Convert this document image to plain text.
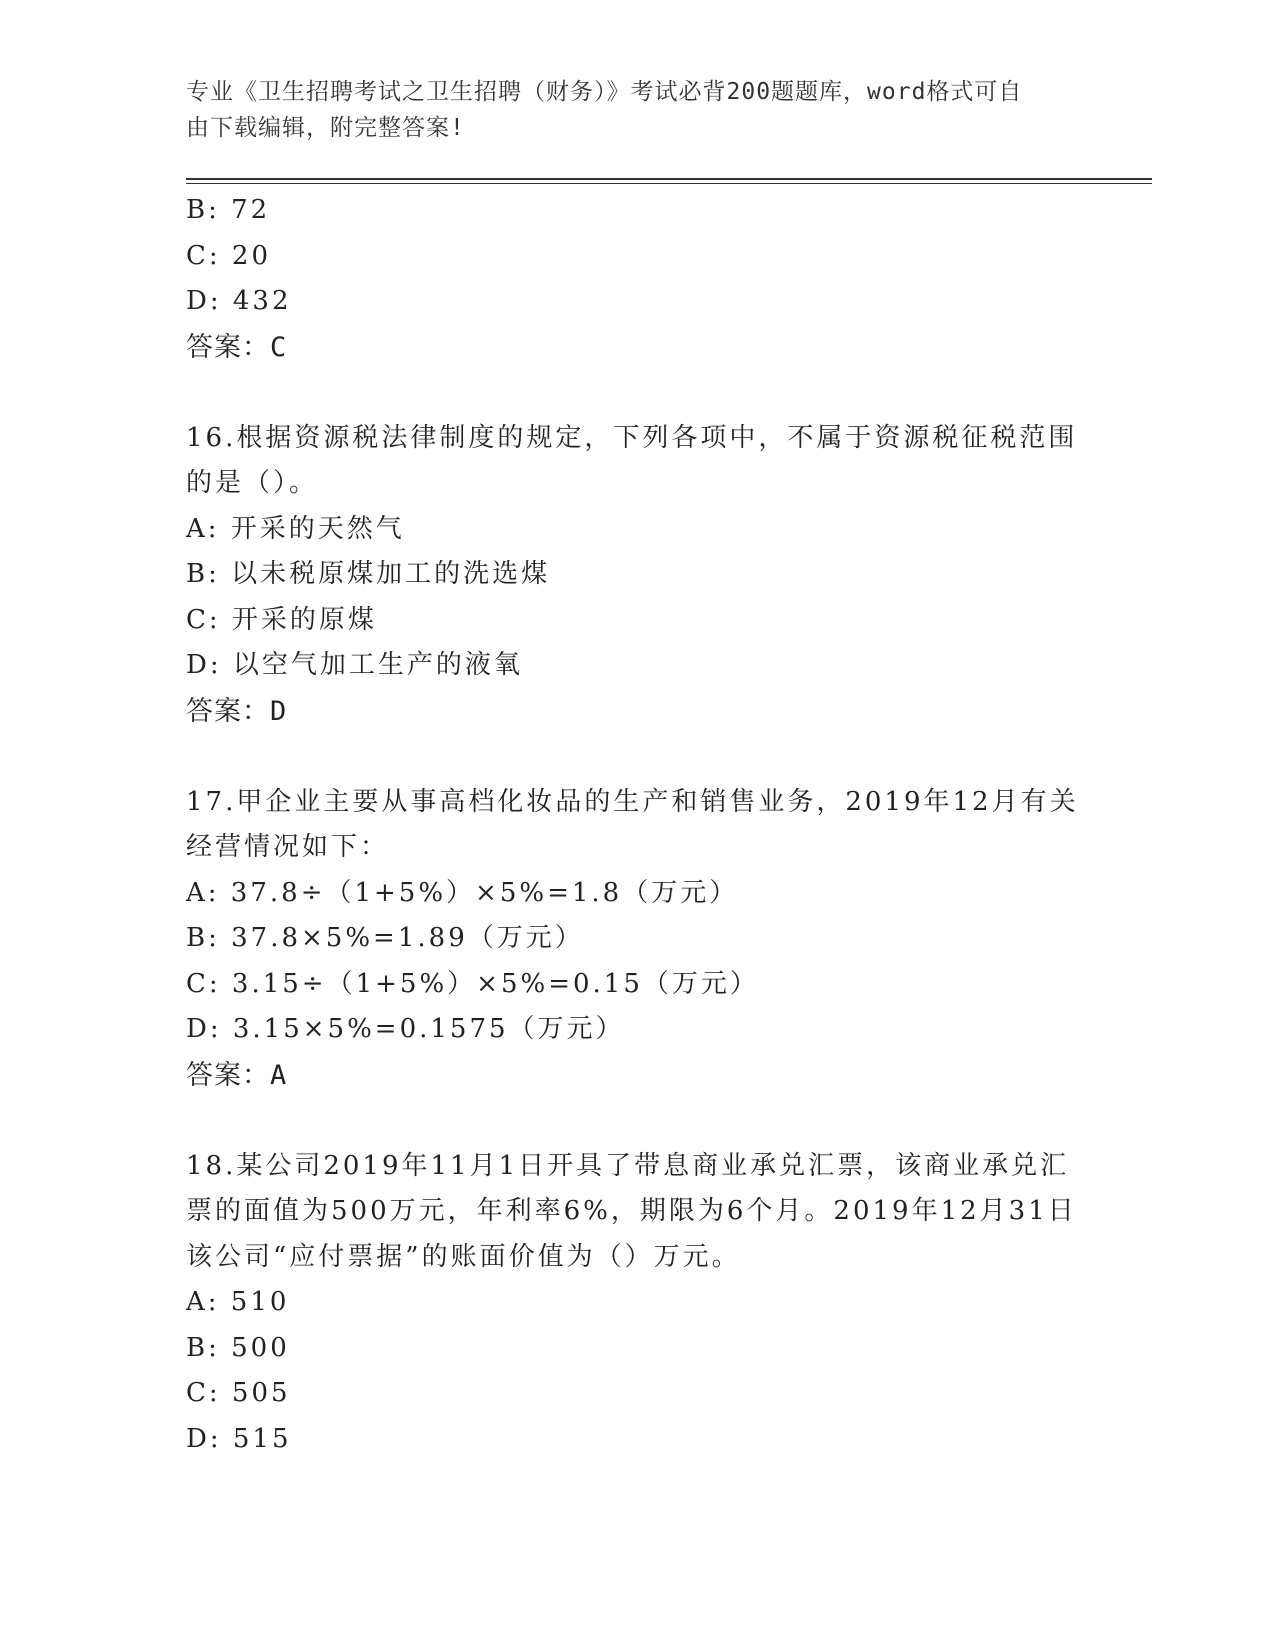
专业《卫生招聘考试之卫生招聘（财务）》考试必背200题题库，word格式可自
由下载编辑，附完整答案!
B: 72
C: 20
D: 432
答案：C
16.根据资源税法律制度的规定，下列各项中，不属于资源税征税范围
的是（）。
A: 开采的天然气
B: 以未税原煤加工的洗选煤
C: 开采的原煤
D: 以空气加工生产的液氧
答案：D
17.甲企业主要从事高档化妆品的生产和销售业务，2019年12月有关
经营情况如下：
A: 37.8÷（1+5%）×5%=1.8（万元）
B: 37.8×5%=1.89（万元）
C: 3.15÷（1+5%）×5%=0.15（万元）
D: 3.15×5%=0.1575（万元）
答案：A
18.某公司2019年11月1日开具了带息商业承兑汇票，该商业承兑汇
票的面值为500万元，年利率6%，期限为6个月。2019年12月31日
该公司“应付票据”的账面价值为（）万元。
A: 510
B: 500
C: 505
D: 515
